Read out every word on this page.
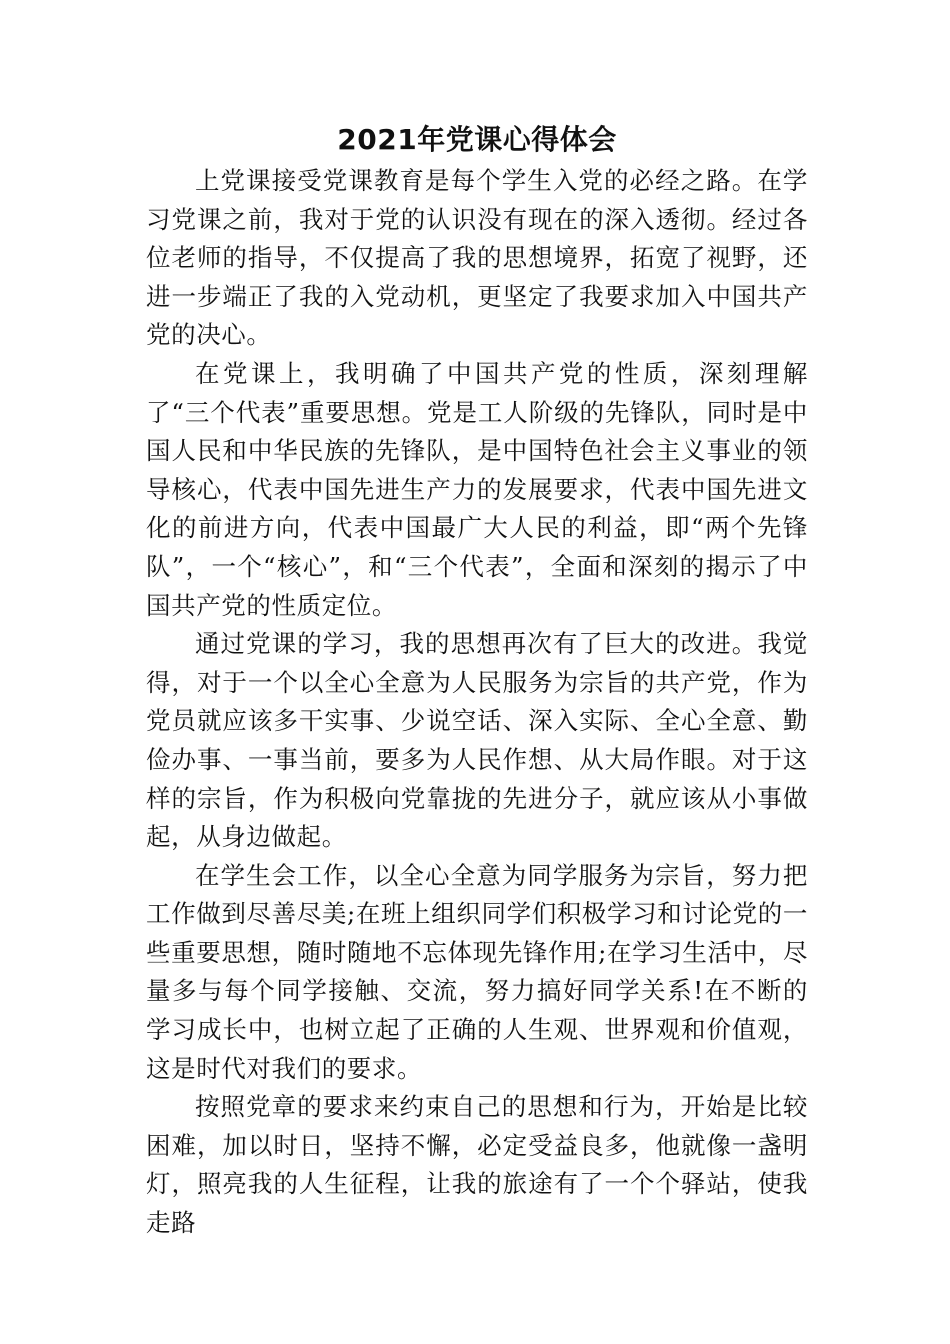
2021年党课心得体会

上党课接受党课教育是每个学生入党的必经之路。在学习党课之前，我对于党的认识没有现在的深入透彻。经过各位老师的指导，不仅提高了我的思想境界，拓宽了视野，还进一步端正了我的入党动机，更坚定了我要求加入中国共产党的决心。

在党课上，我明确了中国共产党的性质，深刻理解了“三个代表”重要思想。党是工人阶级的先锋队，同时是中国人民和中华民族的先锋队，是中国特色社会主义事业的领导核心，代表中国先进生产力的发展要求，代表中国先进文化的前进方向，代表中国最广大人民的利益，即“两个先锋队”，一个“核心”，和“三个代表”，全面和深刻的揭示了中国共产党的性质定位。

通过党课的学习，我的思想再次有了巨大的改进。我觉得，对于一个以全心全意为人民服务为宗旨的共产党，作为党员就应该多干实事、少说空话、深入实际、全心全意、勤俭办事、一事当前，要多为人民作想、从大局作眼。对于这样的宗旨，作为积极向党靠拢的先进分子，就应该从小事做起，从身边做起。

在学生会工作，以全心全意为同学服务为宗旨，努力把工作做到尽善尽美;在班上组织同学们积极学习和讨论党的一些重要思想，随时随地不忘体现先锋作用;在学习生活中，尽量多与每个同学接触、交流，努力搞好同学关系!在不断的学习成长中，也树立起了正确的人生观、世界观和价值观，这是时代对我们的要求。

按照党章的要求来约束自己的思想和行为，开始是比较困难，加以时日，坚持不懈，必定受益良多，他就像一盏明灯，照亮我的人生征程，让我的旅途有了一个个驿站，使我走路
